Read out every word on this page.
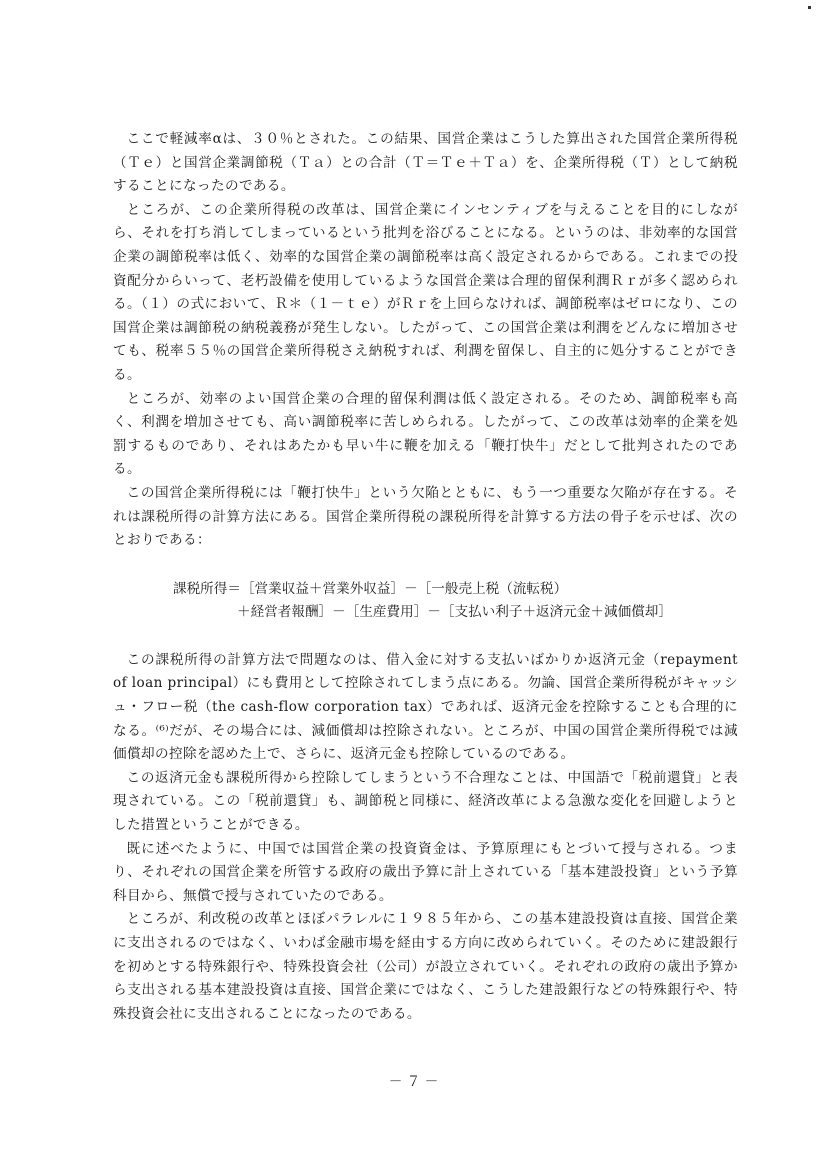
ここで軽減率αは、３０％とされた。この結果、国営企業はこうした算出された国営企業所得税（Ｔｅ）と国営企業調節税（Ｔａ）との合計（Ｔ＝Ｔｅ＋Ｔａ）を、企業所得税（Ｔ）として納税することになったのである。

ところが、この企業所得税の改革は、国営企業にインセンティブを与えることを目的にしながら、それを打ち消してしまっているという批判を浴びることになる。というのは、非効率的な国営企業の調節税率は低く、効率的な国営企業の調節税率は高く設定されるからである。これまでの投資配分からいって、老朽設備を使用しているような国営企業は合理的留保利潤Ｒｒが多く認められる。（１）の式において、Ｒ＊（１－ｔｅ）がＲｒを上回らなければ、調節税率はゼロになり、この国営企業は調節税の納税義務が発生しない。したがって、この国営企業は利潤をどんなに増加させても、税率５５％の国営企業所得税さえ納税すれば、利潤を留保し、自主的に処分することができる。

ところが、効率のよい国営企業の合理的留保利潤は低く設定される。そのため、調節税率も高く、利潤を増加させても、高い調節税率に苦しめられる。したがって、この改革は効率的企業を処罰するものであり、それはあたかも早い牛に鞭を加える「鞭打快牛」だとして批判されたのである。

この国営企業所得税には「鞭打快牛」という欠陥とともに、もう一つ重要な欠陥が存在する。それは課税所得の計算方法にある。国営企業所得税の課税所得を計算する方法の骨子を示せば、次のとおりである：

課税所得＝［営業収益＋営業外収益］－［一般売上税（流転税）
＋経営者報酬］－［生産費用］－［支払い利子＋返済元金＋減価償却］

この課税所得の計算方法で問題なのは、借入金に対する支払いばかりか返済元金（repayment of loan principal）にも費用として控除されてしまう点にある。勿論、国営企業所得税がキャッシュ・フロー税（the cash-flow corporation tax）であれば、返済元金を控除することも合理的になる。⁽⁶⁾だが、その場合には、減価償却は控除されない。ところが、中国の国営企業所得税では減価償却の控除を認めた上で、さらに、返済元金も控除しているのである。

この返済元金も課税所得から控除してしまうという不合理なことは、中国語で「税前還貸」と表現されている。この「税前還貸」も、調節税と同様に、経済改革による急激な変化を回避しようとした措置ということができる。

既に述べたように、中国では国営企業の投資資金は、予算原理にもとづいて授与される。つまり、それぞれの国営企業を所管する政府の歳出予算に計上されている「基本建設投資」という予算科目から、無償で授与されていたのである。

ところが、利改税の改革とほぼパラレルに１９８５年から、この基本建設投資は直接、国営企業に支出されるのではなく、いわば金融市場を経由する方向に改められていく。そのために建設銀行を初めとする特殊銀行や、特殊投資会社（公司）が設立されていく。それぞれの政府の歳出予算から支出される基本建設投資は直接、国営企業にではなく、こうした建設銀行などの特殊銀行や、特殊投資会社に支出されることになったのである。

－ ７ －
